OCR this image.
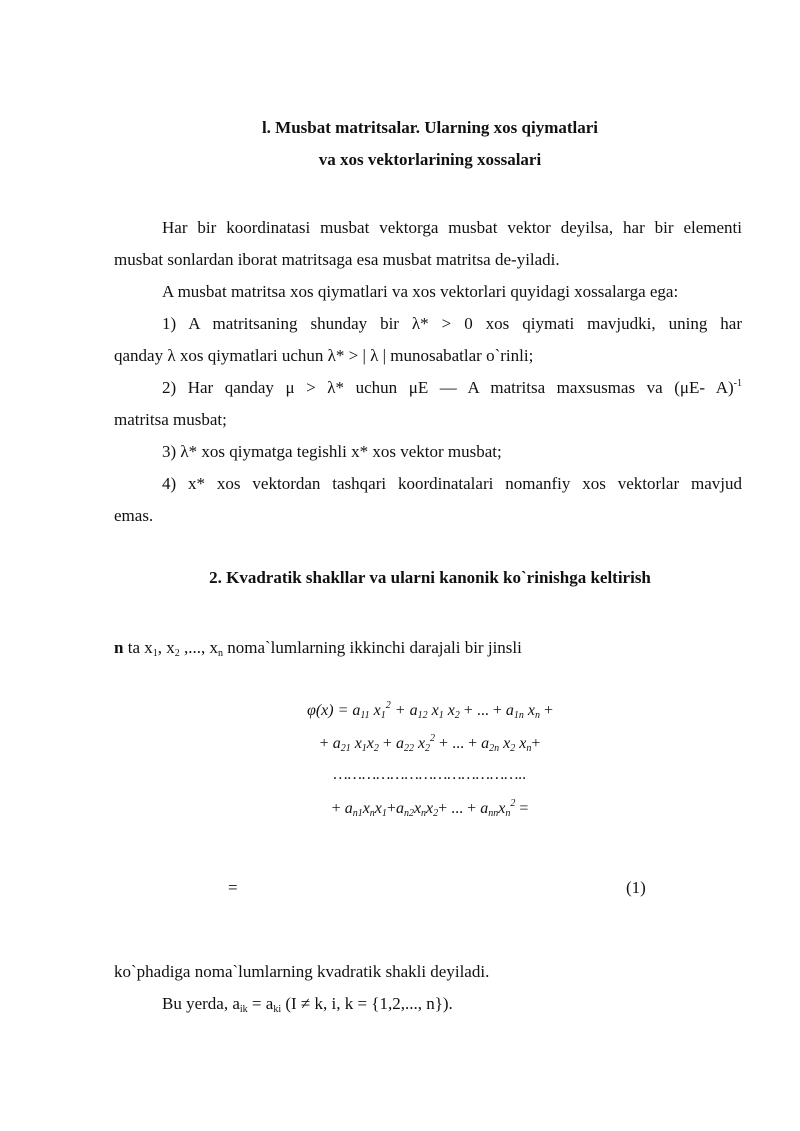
l. Musbat matritsalar. Ularning xos qiymatlari
va xos vektorlarining xossalari
Har bir koordinatasi musbat vektorga musbat vektor deyilsa, har bir elementi
musbat sonlardan iborat matritsaga esa musbat matritsa de-yiladi.
A musbat matritsa xos qiymatlari va xos vektorlari quyidagi xossalarga ega:
1) A matritsaning shunday bir λ* > 0 xos qiymati mavjudki, uning har
qanday λ xos qiymatlari uchun λ* > | λ | munosabatlar o`rinli;
2) Har qanday μ > λ* uchun μE — A matritsa maxsusmas va (μE- A)$^{-1}$
matritsa musbat;
3) λ* xos qiymatga tegishli x* xos vektor musbat;
4) x* xos vektordan tashqari koordinatalari nomanfiy xos vektorlar mavjud
emas.
2. Kvadratik shakllar va ularni kanonik ko`rinishga keltirish
n ta x1, x2 ,..., xn noma`lumlarning ikkinchi darajali bir jinsli
φ(x) = a11 $x1^2 + a12$ x1 x2 + ... + a1n xn +
+ a21 x1x2 + a22 $x2^2$ + ... + a2n x2 xn+
…………………………………..
+ an1xnx1+an2xnx2+ ... + annxn$^2$ =
=	(1)
ko`phadiga noma`lumlarning kvadratik shakli deyiladi.
Bu yerda, aik = aki (I ≠ k, i, k = {1,2,..., n}).
